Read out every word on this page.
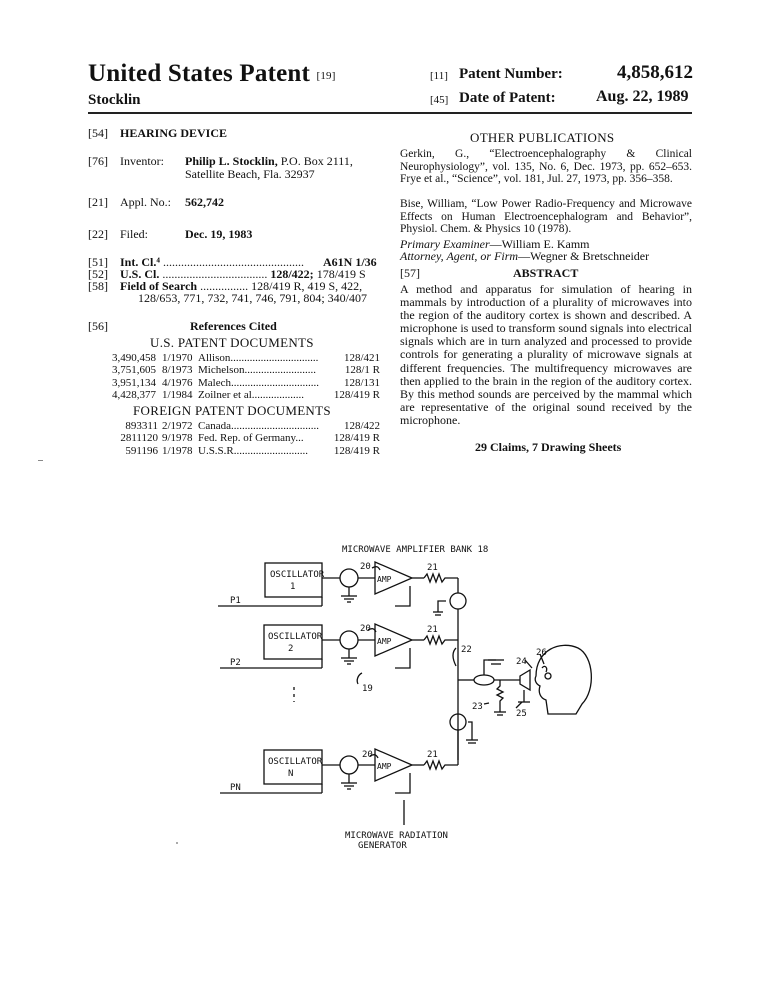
United States Patent [19]
Stocklin
[11] Patent Number:	4,858,612
[45] Date of Patent:	Aug. 22, 1989
[54] HEARING DEVICE
[76] Inventor: Philip L. Stocklin, P.O. Box 2111,
Satellite Beach, Fla. 32937
[21] Appl. No.: 562,742
[22] Filed:	Dec. 19, 1983
[51] Int. Cl.⁴ ...............................................	A61N 1/36
[52] U.S. Cl. ................................... 128/422; 178/419 S
[58] Field of Search ................ 128/419 R, 419 S, 422,
128/653, 771, 732, 741, 746, 791, 804; 340/407
[56]	References Cited
U.S. PATENT DOCUMENTS
3,490,458 1/1970 Allison................................ 128/421
3,751,605 8/1973 Michelson..........................	128/1 R
3,951,134 4/1976 Malech................................ 128/131
4,428,377 1/1984 Zoilner et al...................	128/419 R
FOREIGN PATENT DOCUMENTS
893311 2/1972 Canada................................ 128/422
2811120 9/1978 Fed. Rep. of Germany...	128/419 R
591196 1/1978 U.S.S.R........................... 128/419 R
OTHER PUBLICATIONS
Gerkin, G., “Electroencephalography & Clinical Neurophysiology”, vol. 135, No. 6, Dec. 1973, pp. 652–653. Frye et al., “Science”, vol. 181, Jul. 27, 1973, pp. 356–358.
Bise, William, “Low Power Radio-Frequency and Microwave Effects on Human Electroencephalogram and Behavior”, Physiol. Chem. & Physics 10 (1978).
Primary Examiner—William E. Kamm
Attorney, Agent, or Firm—Wegner & Bretschneider
[57]	ABSTRACT
A method and apparatus for simulation of hearing in mammals by introduction of a plurality of microwaves into the region of the auditory cortex is shown and described. A microphone is used to transform sound signals into electrical signals which are in turn analyzed and processed to provide controls for generating a plurality of microwave signals at different frequencies. The multifrequency microwaves are then applied to the brain in the region of the auditory cortex. By this method sounds are perceived by the mammal which are representative of the original sound received by the microphone.
29 Claims, 7 Drawing Sheets
MICROWAVE AMPLIFIER BANK 18
OSCILLATOR
1
OSCILLATOR
2
OSCILLATOR
N
AMP
AMP
AMP
P1
P2
PN
20
20
20
21
21
21
22
23
24
25
26
19
MICROWAVE RADIATION
GENERATOR
